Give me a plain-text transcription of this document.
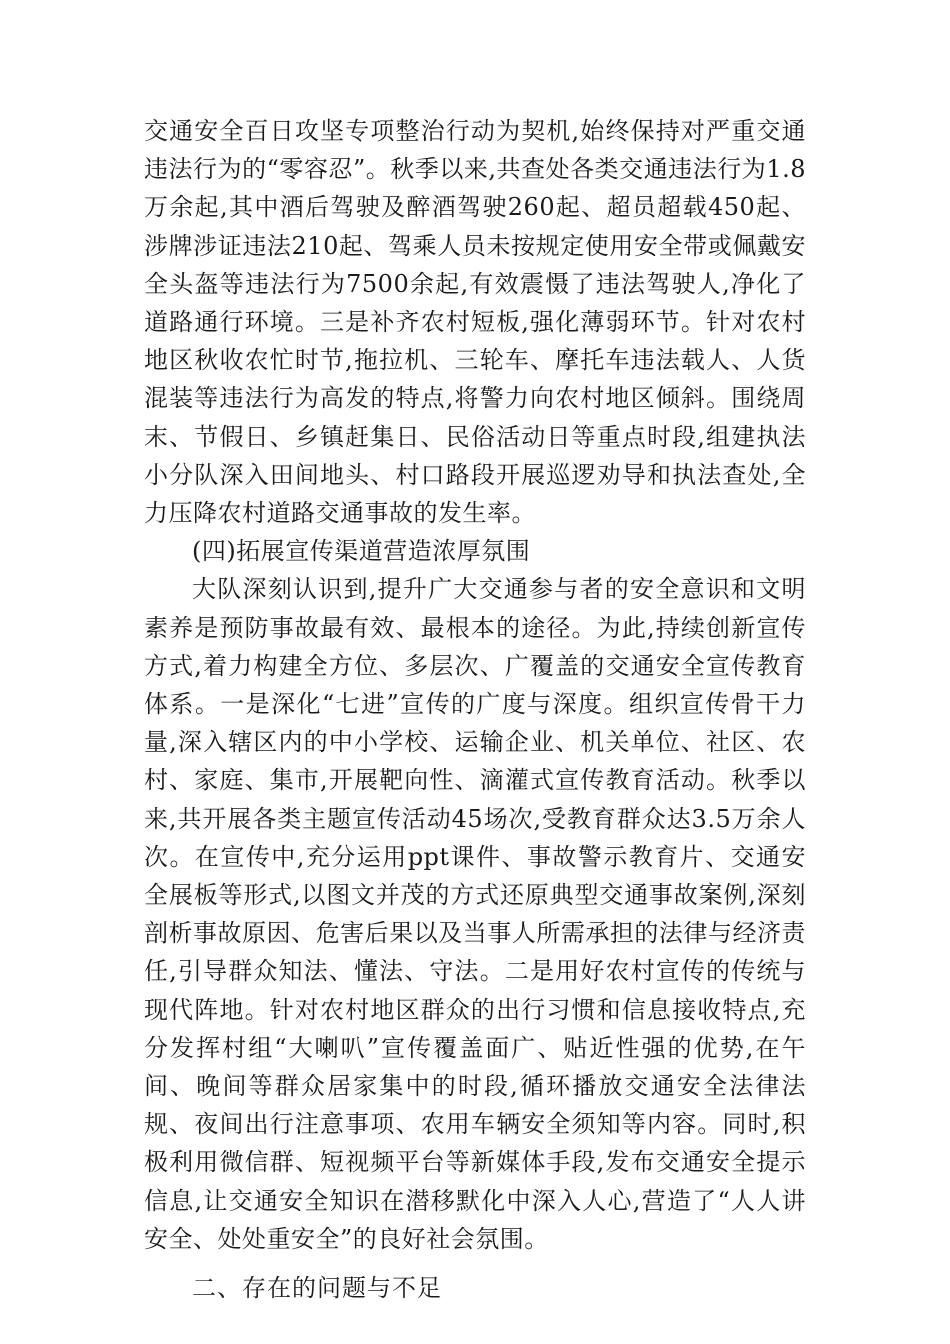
交通安全百日攻坚专项整治行动为契机,始终保持对严重交通违法行为的“零容忍”。秋季以来,共查处各类交通违法行为1.8万余起,其中酒后驾驶及醉酒驾驶260起、超员超载450起、涉牌涉证违法210起、驾乘人员未按规定使用安全带或佩戴安全头盔等违法行为7500余起,有效震慑了违法驾驶人,净化了道路通行环境。三是补齐农村短板,强化薄弱环节。针对农村地区秋收农忙时节,拖拉机、三轮车、摩托车违法载人、人货混装等违法行为高发的特点,将警力向农村地区倾斜。围绕周末、节假日、乡镇赶集日、民俗活动日等重点时段,组建执法小分队深入田间地头、村口路段开展巡逻劝导和执法查处,全力压降农村道路交通事故的发生率。

(四)拓展宣传渠道营造浓厚氛围

大队深刻认识到,提升广大交通参与者的安全意识和文明素养是预防事故最有效、最根本的途径。为此,持续创新宣传方式,着力构建全方位、多层次、广覆盖的交通安全宣传教育体系。一是深化“七进”宣传的广度与深度。组织宣传骨干力量,深入辖区内的中小学校、运输企业、机关单位、社区、农村、家庭、集市,开展靶向性、滴灌式宣传教育活动。秋季以来,共开展各类主题宣传活动45场次,受教育群众达3.5万余人次。在宣传中,充分运用ppt课件、事故警示教育片、交通安全展板等形式,以图文并茂的方式还原典型交通事故案例,深刻剖析事故原因、危害后果以及当事人所需承担的法律与经济责任,引导群众知法、懂法、守法。二是用好农村宣传的传统与现代阵地。针对农村地区群众的出行习惯和信息接收特点,充分发挥村组“大喇叭”宣传覆盖面广、贴近性强的优势,在午间、晚间等群众居家集中的时段,循环播放交通安全法律法规、夜间出行注意事项、农用车辆安全须知等内容。同时,积极利用微信群、短视频平台等新媒体手段,发布交通安全提示信息,让交通安全知识在潜移默化中深入人心,营造了“人人讲安全、处处重安全”的良好社会氛围。

二、存在的问题与不足
